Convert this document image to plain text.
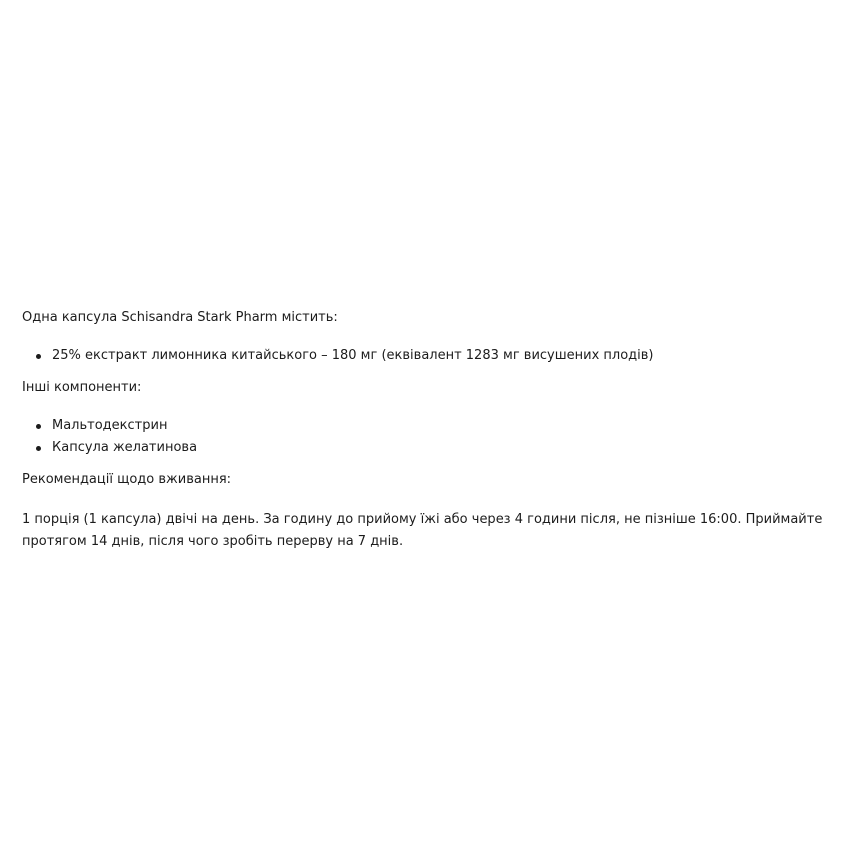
Одна капсула Schisandra Stark Pharm містить:

25% екстракт лимонника китайського – 180 мг (еквівалент 1283 мг висушених плодів)

Інші компоненти:

Мальтодекстрин
Капсула желатинова

Рекомендації щодо вживання:

1 порція (1 капсула) двічі на день. За годину до прийому їжі або через 4 години після, не пізніше 16:00. Приймайте протягом 14 днів, після чого зробіть перерву на 7 днів.
